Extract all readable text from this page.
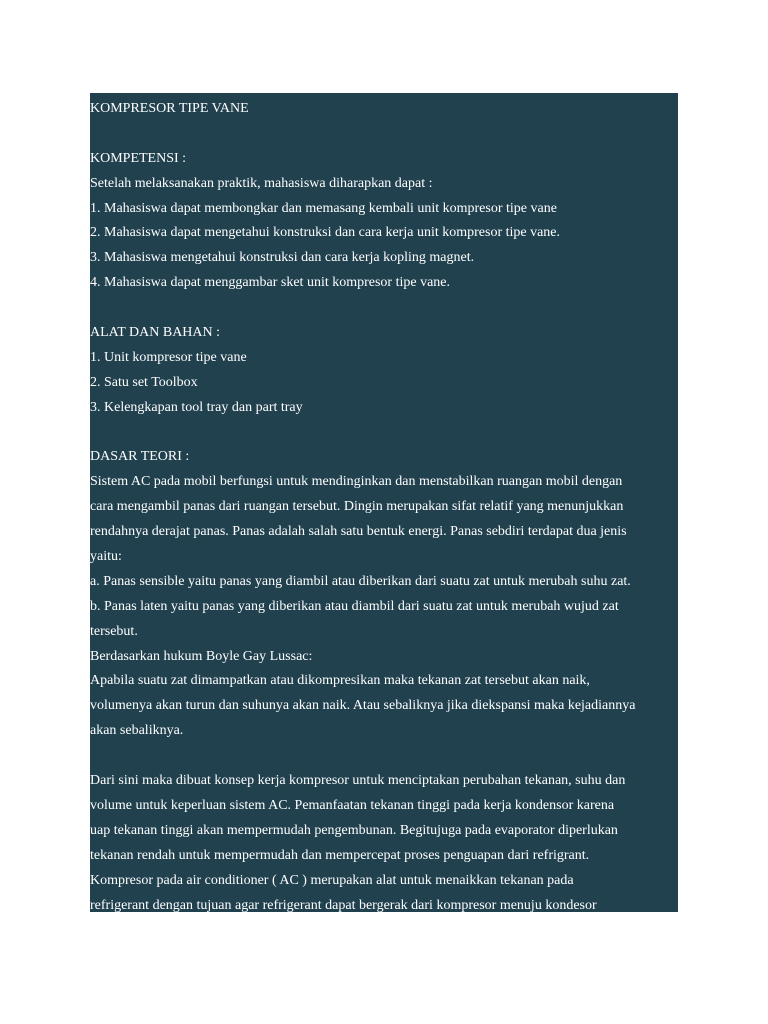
KOMPRESOR TIPE VANE
KOMPETENSI :
Setelah melaksanakan praktik, mahasiswa diharapkan dapat :
1. Mahasiswa dapat membongkar dan memasang kembali unit kompresor tipe vane
2. Mahasiswa dapat mengetahui konstruksi dan cara kerja unit kompresor tipe vane.
3. Mahasiswa mengetahui konstruksi dan cara kerja kopling magnet.
4. Mahasiswa dapat menggambar sket unit kompresor tipe vane.
ALAT DAN BAHAN :
1. Unit kompresor tipe vane
2. Satu set Toolbox
3. Kelengkapan tool tray dan part tray
DASAR TEORI :
Sistem AC pada mobil berfungsi untuk mendinginkan dan menstabilkan ruangan mobil dengan
cara mengambil panas dari ruangan tersebut. Dingin merupakan sifat relatif yang menunjukkan
rendahnya derajat panas. Panas adalah salah satu bentuk energi. Panas sebdiri terdapat dua jenis
yaitu:
a. Panas sensible yaitu panas yang diambil atau diberikan dari suatu zat untuk merubah suhu zat.
b. Panas laten yaitu panas yang diberikan atau diambil dari suatu zat untuk merubah wujud zat
tersebut.
Berdasarkan hukum Boyle Gay Lussac:
Apabila suatu zat dimampatkan atau dikompresikan maka tekanan zat tersebut akan naik,
volumenya akan turun dan suhunya akan naik. Atau sebaliknya jika diekspansi maka kejadiannya
akan sebaliknya.
Dari sini maka dibuat konsep kerja kompresor untuk menciptakan perubahan tekanan, suhu dan
volume untuk keperluan sistem AC. Pemanfaatan tekanan tinggi pada kerja kondensor karena
uap tekanan tinggi akan mempermudah pengembunan. Begitujuga pada evaporator diperlukan
tekanan rendah untuk mempermudah dan mempercepat proses penguapan dari refrigrant.
Kompresor pada air conditioner ( AC ) merupakan alat untuk menaikkan tekanan pada
refrigerant dengan tujuan agar refrigerant dapat bergerak dari kompresor menuju kondesor
